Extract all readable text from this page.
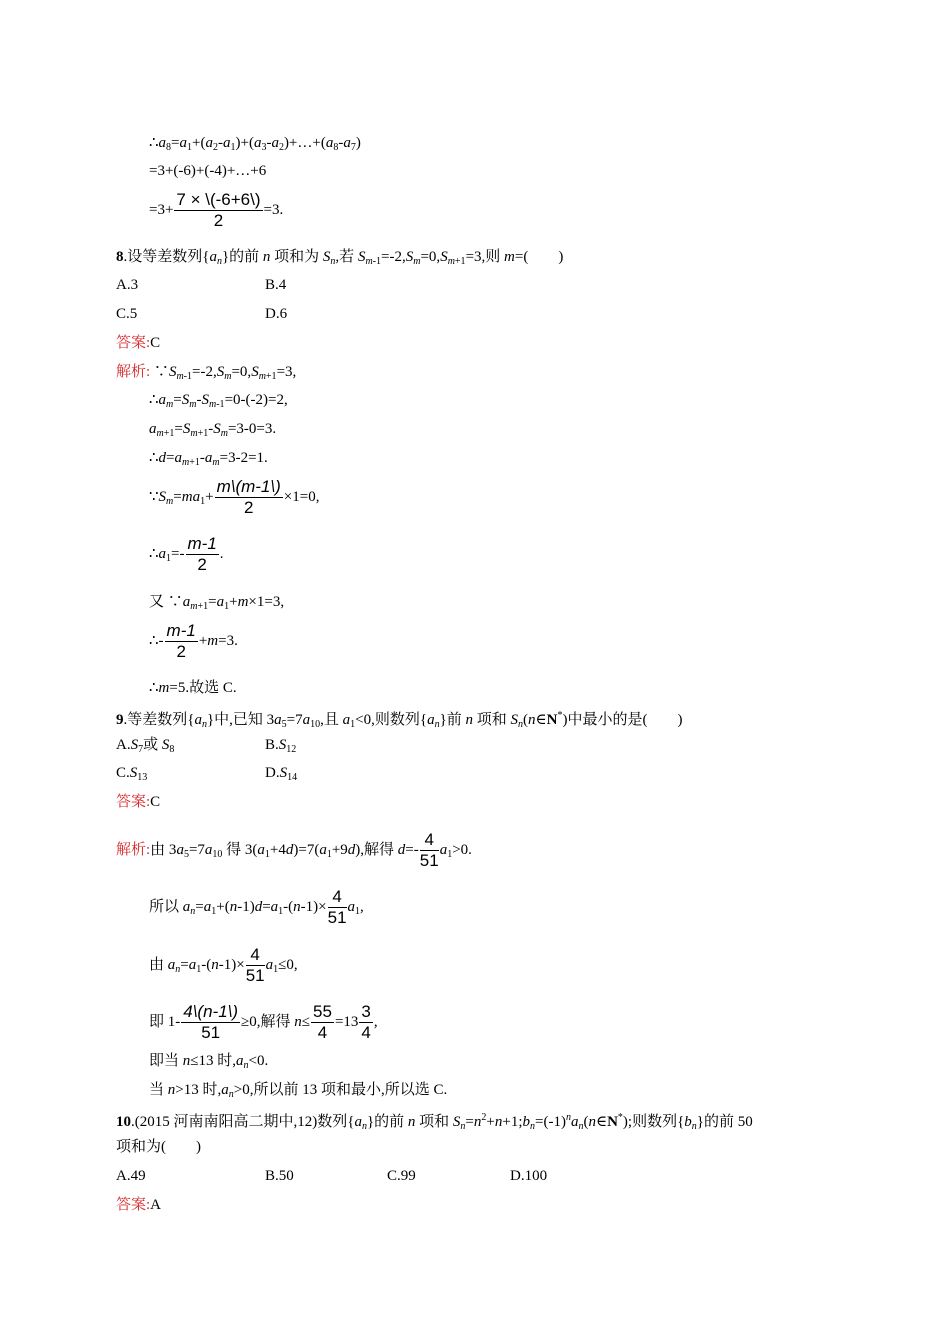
$\therefore a_8=a_1+(a_2-a_1)+(a_3-a_2)+\dots+(a_8-a_7)$
=3+(-6)+(-4)+…+6
$=3+ \frac{7 \times \backslash(-6+6\backslash)}{2} =3$.
8.设等差数列$\{a_n\}$的前 n 项和为 $S_n$,若 $S_{m-1}=-2,S_m=0,S_{m+1}=3$,则 m=(　　)
A.3	B.4
C.5	D.6
答案:C
解析: $\because S_{m-1}=-2,S_m=0,S_{m+1}=3$,
$\therefore a_m=S_m-S_{m-1}=0-(-2)=2$,
$a_{m+1}=S_{m+1}-S_m=3-0=3$.
$\therefore d=a_{m+1}-a_m=3-2=1$.
$\because S_m=ma_1+ \frac{m\backslash(m-1\backslash)}{2} \times 1=0$,
$\therefore a_1=- \frac{m-1}{2}$ .
又 $\because a_{m+1}=a_1+m\times 1=3$,
∴- $\frac{m-1}{2} +m=3$.
∴m=5.故选 C.
9.等差数列$\{a_n\}$中,已知 $3a_5=7a_{10}$,且 $a_1<0$,则数列$\{a_n\}$前 n 项和 $S_n(n\in N^*)$中最小的是(　　)
$A.S_7$或 $S_8$	$B.S_{12}$
$C.S_{13}$	$D.S_{14}$
答案:C
解析:由 $3a_5=7a_{10}$ 得 $3(a_1+4d)=7(a_1+9d)$,解得 $d=- \frac{4}{51} a_1>0$.
所以 $a_n=a_1+(n-1)d=a_1-(n-1)\times \frac{4}{51} a_1$,
由 $a_n=a_1-(n-1)\times \frac{4}{51} a_1\le 0$,
即 $1- \frac{4\backslash(n-1\backslash)}{51} \ge 0$,解得 $n\le \frac{55}{4} =13 \frac{3}{4}$ ,
即当 n≤13 时$,a_n<0$.
当 n>13 时$,a_n>0$,所以前 13 项和最小,所以选 C.
10.(2015 河南南阳高二期中,12)数列$\{a_n\}$的前 n 项和 $S_n=n^2+n+1;b_n=(-1)^na_n(n\in N^*)$;则数列$\{b_n\}$的前 50
项和为(　　)
A.49	B.50	C.99	D.100
答案:A
